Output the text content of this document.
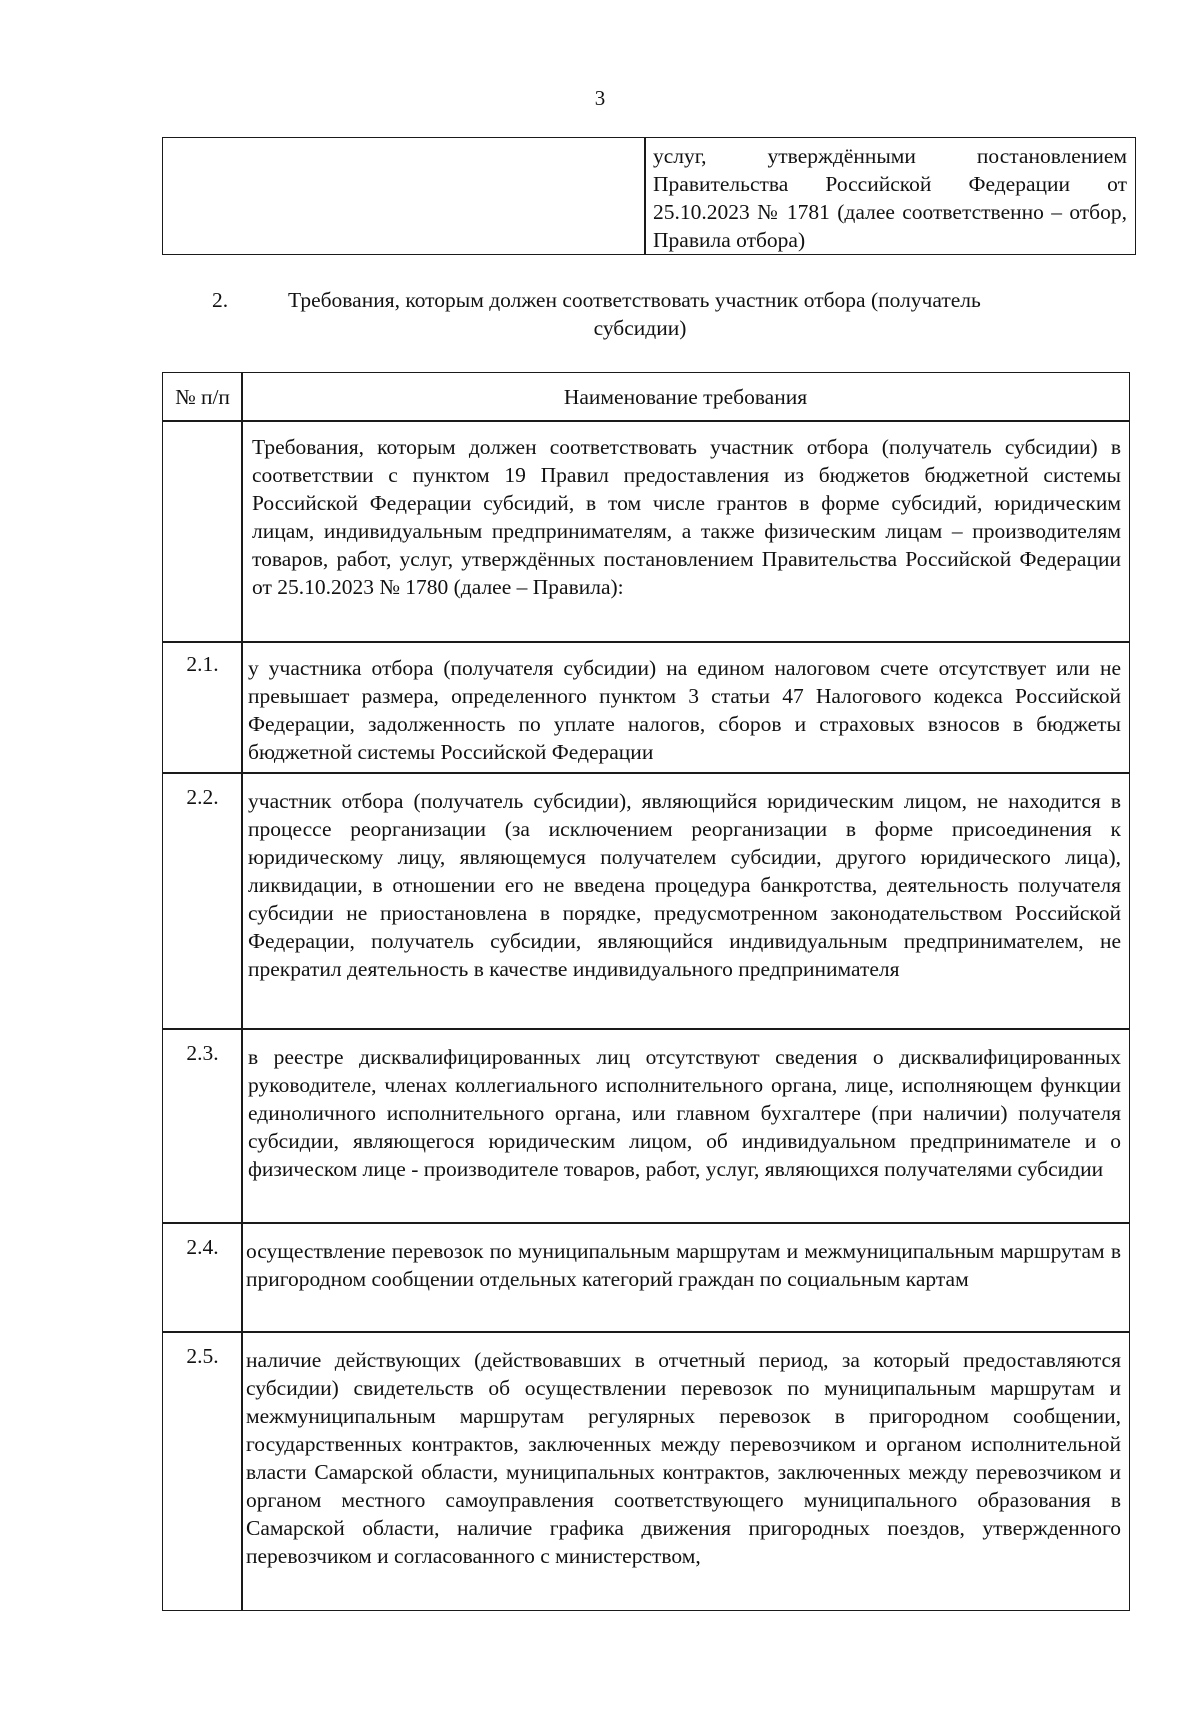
3
услуг, утверждёнными постановлением Правительства Российской Федерации от 25.10.2023 № 1781 (далее соответственно – отбор, Правила отбора)
2.	Требования, которым должен соответствовать участник отбора (получатель
субсидии)
№ п/п	Наименование требования
Требования, которым должен соответствовать участник отбора (получатель субсидии) в соответствии с пунктом 19 Правил предоставления из бюджетов бюджетной системы Российской Федерации субсидий, в том числе грантов в форме субсидий, юридическим лицам, индивидуальным предпринимателям, а также физическим лицам – производителям товаров, работ, услуг, утверждённых постановлением Правительства Российской Федерации от 25.10.2023 № 1780 (далее – Правила):
2.1.	у участника отбора (получателя субсидии) на едином налоговом счете отсутствует или не превышает размера, определенного пунктом 3 статьи 47 Налогового кодекса Российской Федерации, задолженность по уплате налогов, сборов и страховых взносов в бюджеты бюджетной системы Российской Федерации
2.2.	участник отбора (получатель субсидии), являющийся юридическим лицом, не находится в процессе реорганизации (за исключением реорганизации в форме присоединения к юридическому лицу, являющемуся получателем субсидии, другого юридического лица), ликвидации, в отношении его не введена процедура банкротства, деятельность получателя субсидии не приостановлена в порядке, предусмотренном законодательством Российской Федерации, получатель субсидии, являющийся индивидуальным предпринимателем, не прекратил деятельность в качестве индивидуального предпринимателя
2.3.	в реестре дисквалифицированных лиц отсутствуют сведения о дисквалифицированных руководителе, членах коллегиального исполнительного органа, лице, исполняющем функции единоличного исполнительного органа, или главном бухгалтере (при наличии) получателя субсидии, являющегося юридическим лицом, об индивидуальном предпринимателе и о физическом лице - производителе товаров, работ, услуг, являющихся получателями субсидии
2.4.	осуществление перевозок по муниципальным маршрутам и межмуниципальным маршрутам в пригородном сообщении отдельных категорий граждан по социальным картам
2.5.	наличие действующих (действовавших в отчетный период, за который предоставляются субсидии) свидетельств об осуществлении перевозок по муниципальным маршрутам и межмуниципальным маршрутам регулярных перевозок в пригородном сообщении, государственных контрактов, заключенных между перевозчиком и органом исполнительной власти Самарской области, муниципальных контрактов, заключенных между перевозчиком и органом местного самоуправления соответствующего муниципального образования в Самарской области, наличие графика движения пригородных поездов, утвержденного перевозчиком и согласованного с министерством,
